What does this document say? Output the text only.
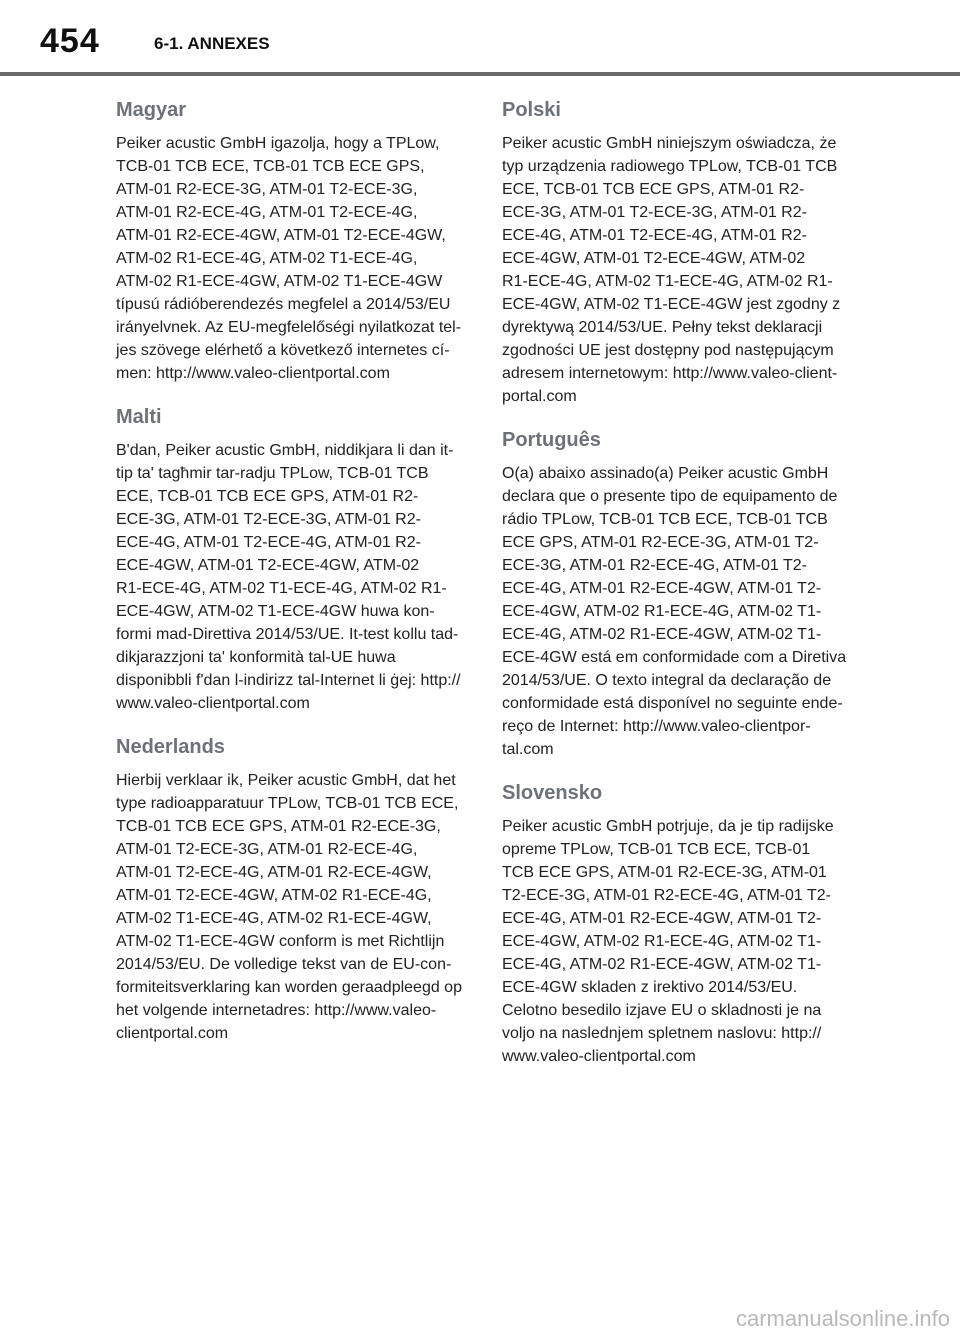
454	6-1. ANNEXES
Magyar

Peiker acustic GmbH igazolja, hogy a TPLow,
TCB-01 TCB ECE, TCB-01 TCB ECE GPS,
ATM-01 R2-ECE-3G, ATM-01 T2-ECE-3G,
ATM-01 R2-ECE-4G, ATM-01 T2-ECE-4G,
ATM-01 R2-ECE-4GW, ATM-01 T2-ECE-4GW,
ATM-02 R1-ECE-4G, ATM-02 T1-ECE-4G,
ATM-02 R1-ECE-4GW, ATM-02 T1-ECE-4GW
típusú rádióberendezés megfelel a 2014/53/EU
irányelvnek. Az EU-megfelelőségi nyilatkozat tel-
jes szövege elérhető a következő internetes cí-
men: http://www.valeo-clientportal.com

Malti

B'dan, Peiker acustic GmbH, niddikjara li dan it-
tip ta' tagħmir tar-radju TPLow, TCB-01 TCB
ECE, TCB-01 TCB ECE GPS, ATM-01 R2-
ECE-3G, ATM-01 T2-ECE-3G, ATM-01 R2-
ECE-4G, ATM-01 T2-ECE-4G, ATM-01 R2-
ECE-4GW, ATM-01 T2-ECE-4GW, ATM-02
R1-ECE-4G, ATM-02 T1-ECE-4G, ATM-02 R1-
ECE-4GW, ATM-02 T1-ECE-4GW huwa kon-
formi mad-Direttiva 2014/53/UE. It-test kollu tad-
dikjarazzjoni ta' konformità tal-UE huwa
disponibbli f'dan l-indirizz tal-Internet li ġej: http://
www.valeo-clientportal.com

Nederlands

Hierbij verklaar ik, Peiker acustic GmbH, dat het
type radioapparatuur TPLow, TCB-01 TCB ECE,
TCB-01 TCB ECE GPS, ATM-01 R2-ECE-3G,
ATM-01 T2-ECE-3G, ATM-01 R2-ECE-4G,
ATM-01 T2-ECE-4G, ATM-01 R2-ECE-4GW,
ATM-01 T2-ECE-4GW, ATM-02 R1-ECE-4G,
ATM-02 T1-ECE-4G, ATM-02 R1-ECE-4GW,
ATM-02 T1-ECE-4GW conform is met Richtlijn
2014/53/EU. De volledige tekst van de EU-con-
formiteitsverklaring kan worden geraadpleegd op
het volgende internetadres: http://www.valeo-
clientportal.com

Polski

Peiker acustic GmbH niniejszym oświadcza, że
typ urządzenia radiowego TPLow, TCB-01 TCB
ECE, TCB-01 TCB ECE GPS, ATM-01 R2-
ECE-3G, ATM-01 T2-ECE-3G, ATM-01 R2-
ECE-4G, ATM-01 T2-ECE-4G, ATM-01 R2-
ECE-4GW, ATM-01 T2-ECE-4GW, ATM-02
R1-ECE-4G, ATM-02 T1-ECE-4G, ATM-02 R1-
ECE-4GW, ATM-02 T1-ECE-4GW jest zgodny z
dyrektywą 2014/53/UE. Pełny tekst deklaracji
zgodności UE jest dostępny pod następującym
adresem internetowym: http://www.valeo-client-
portal.com

Português

O(a) abaixo assinado(a) Peiker acustic GmbH
declara que o presente tipo de equipamento de
rádio TPLow, TCB-01 TCB ECE, TCB-01 TCB
ECE GPS, ATM-01 R2-ECE-3G, ATM-01 T2-
ECE-3G, ATM-01 R2-ECE-4G, ATM-01 T2-
ECE-4G, ATM-01 R2-ECE-4GW, ATM-01 T2-
ECE-4GW, ATM-02 R1-ECE-4G, ATM-02 T1-
ECE-4G, ATM-02 R1-ECE-4GW, ATM-02 T1-
ECE-4GW está em conformidade com a Diretiva
2014/53/UE. O texto integral da declaração de
conformidade está disponível no seguinte ende-
reço de Internet: http://www.valeo-clientpor-
tal.com

Slovensko

Peiker acustic GmbH potrjuje, da je tip radijske
opreme TPLow, TCB-01 TCB ECE, TCB-01
TCB ECE GPS, ATM-01 R2-ECE-3G, ATM-01
T2-ECE-3G, ATM-01 R2-ECE-4G, ATM-01 T2-
ECE-4G, ATM-01 R2-ECE-4GW, ATM-01 T2-
ECE-4GW, ATM-02 R1-ECE-4G, ATM-02 T1-
ECE-4G, ATM-02 R1-ECE-4GW, ATM-02 T1-
ECE-4GW skladen z irektivo 2014/53/EU.
Celotno besedilo izjave EU o skladnosti je na
voljo na naslednjem spletnem naslovu: http://
www.valeo-clientportal.com

carmanualsonline.info
